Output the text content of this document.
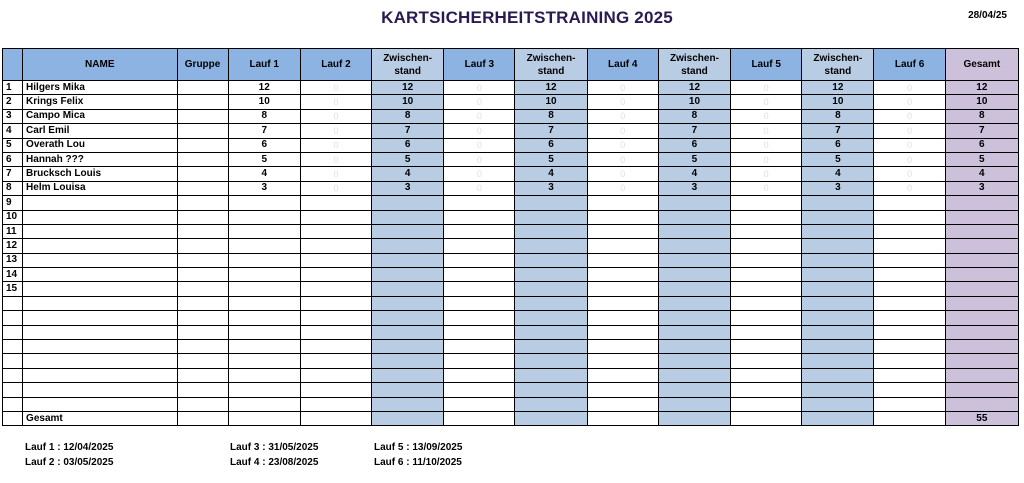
KARTSICHERHEITSTRAINING 2025	28/04/25
	NAME	Gruppe	Lauf 1	Lauf 2	Zwischen-stand	Lauf 3	Zwischen-stand	Lauf 4	Zwischen-stand	Lauf 5	Zwischen-stand	Lauf 6	Gesamt
1	Hilgers Mika		12	0	12	0	12	0	12	0	12	0	12
2	Krings Felix		10	0	10	0	10	0	10	0	10	0	10
3	Campo Mica		8	0	8	0	8	0	8	0	8	0	8
4	Carl Emil		7	0	7	0	7	0	7	0	7	0	7
5	Overath Lou		6	0	6	0	6	0	6	0	6	0	6
6	Hannah ???		5	0	5	0	5	0	5	0	5	0	5
7	Brucksch Louis		4	0	4	0	4	0	4	0	4	0	4
8	Helm Louisa		3	0	3	0	3	0	3	0	3	0	3
9													
10													
11													
12													
13													
14													
15													

	Gesamt												55
Lauf 1 : 12/04/2025
Lauf 2 : 03/05/2025
Lauf 3 : 31/05/2025
Lauf 4 : 23/08/2025
Lauf 5 : 13/09/2025
Lauf 6 : 11/10/2025
